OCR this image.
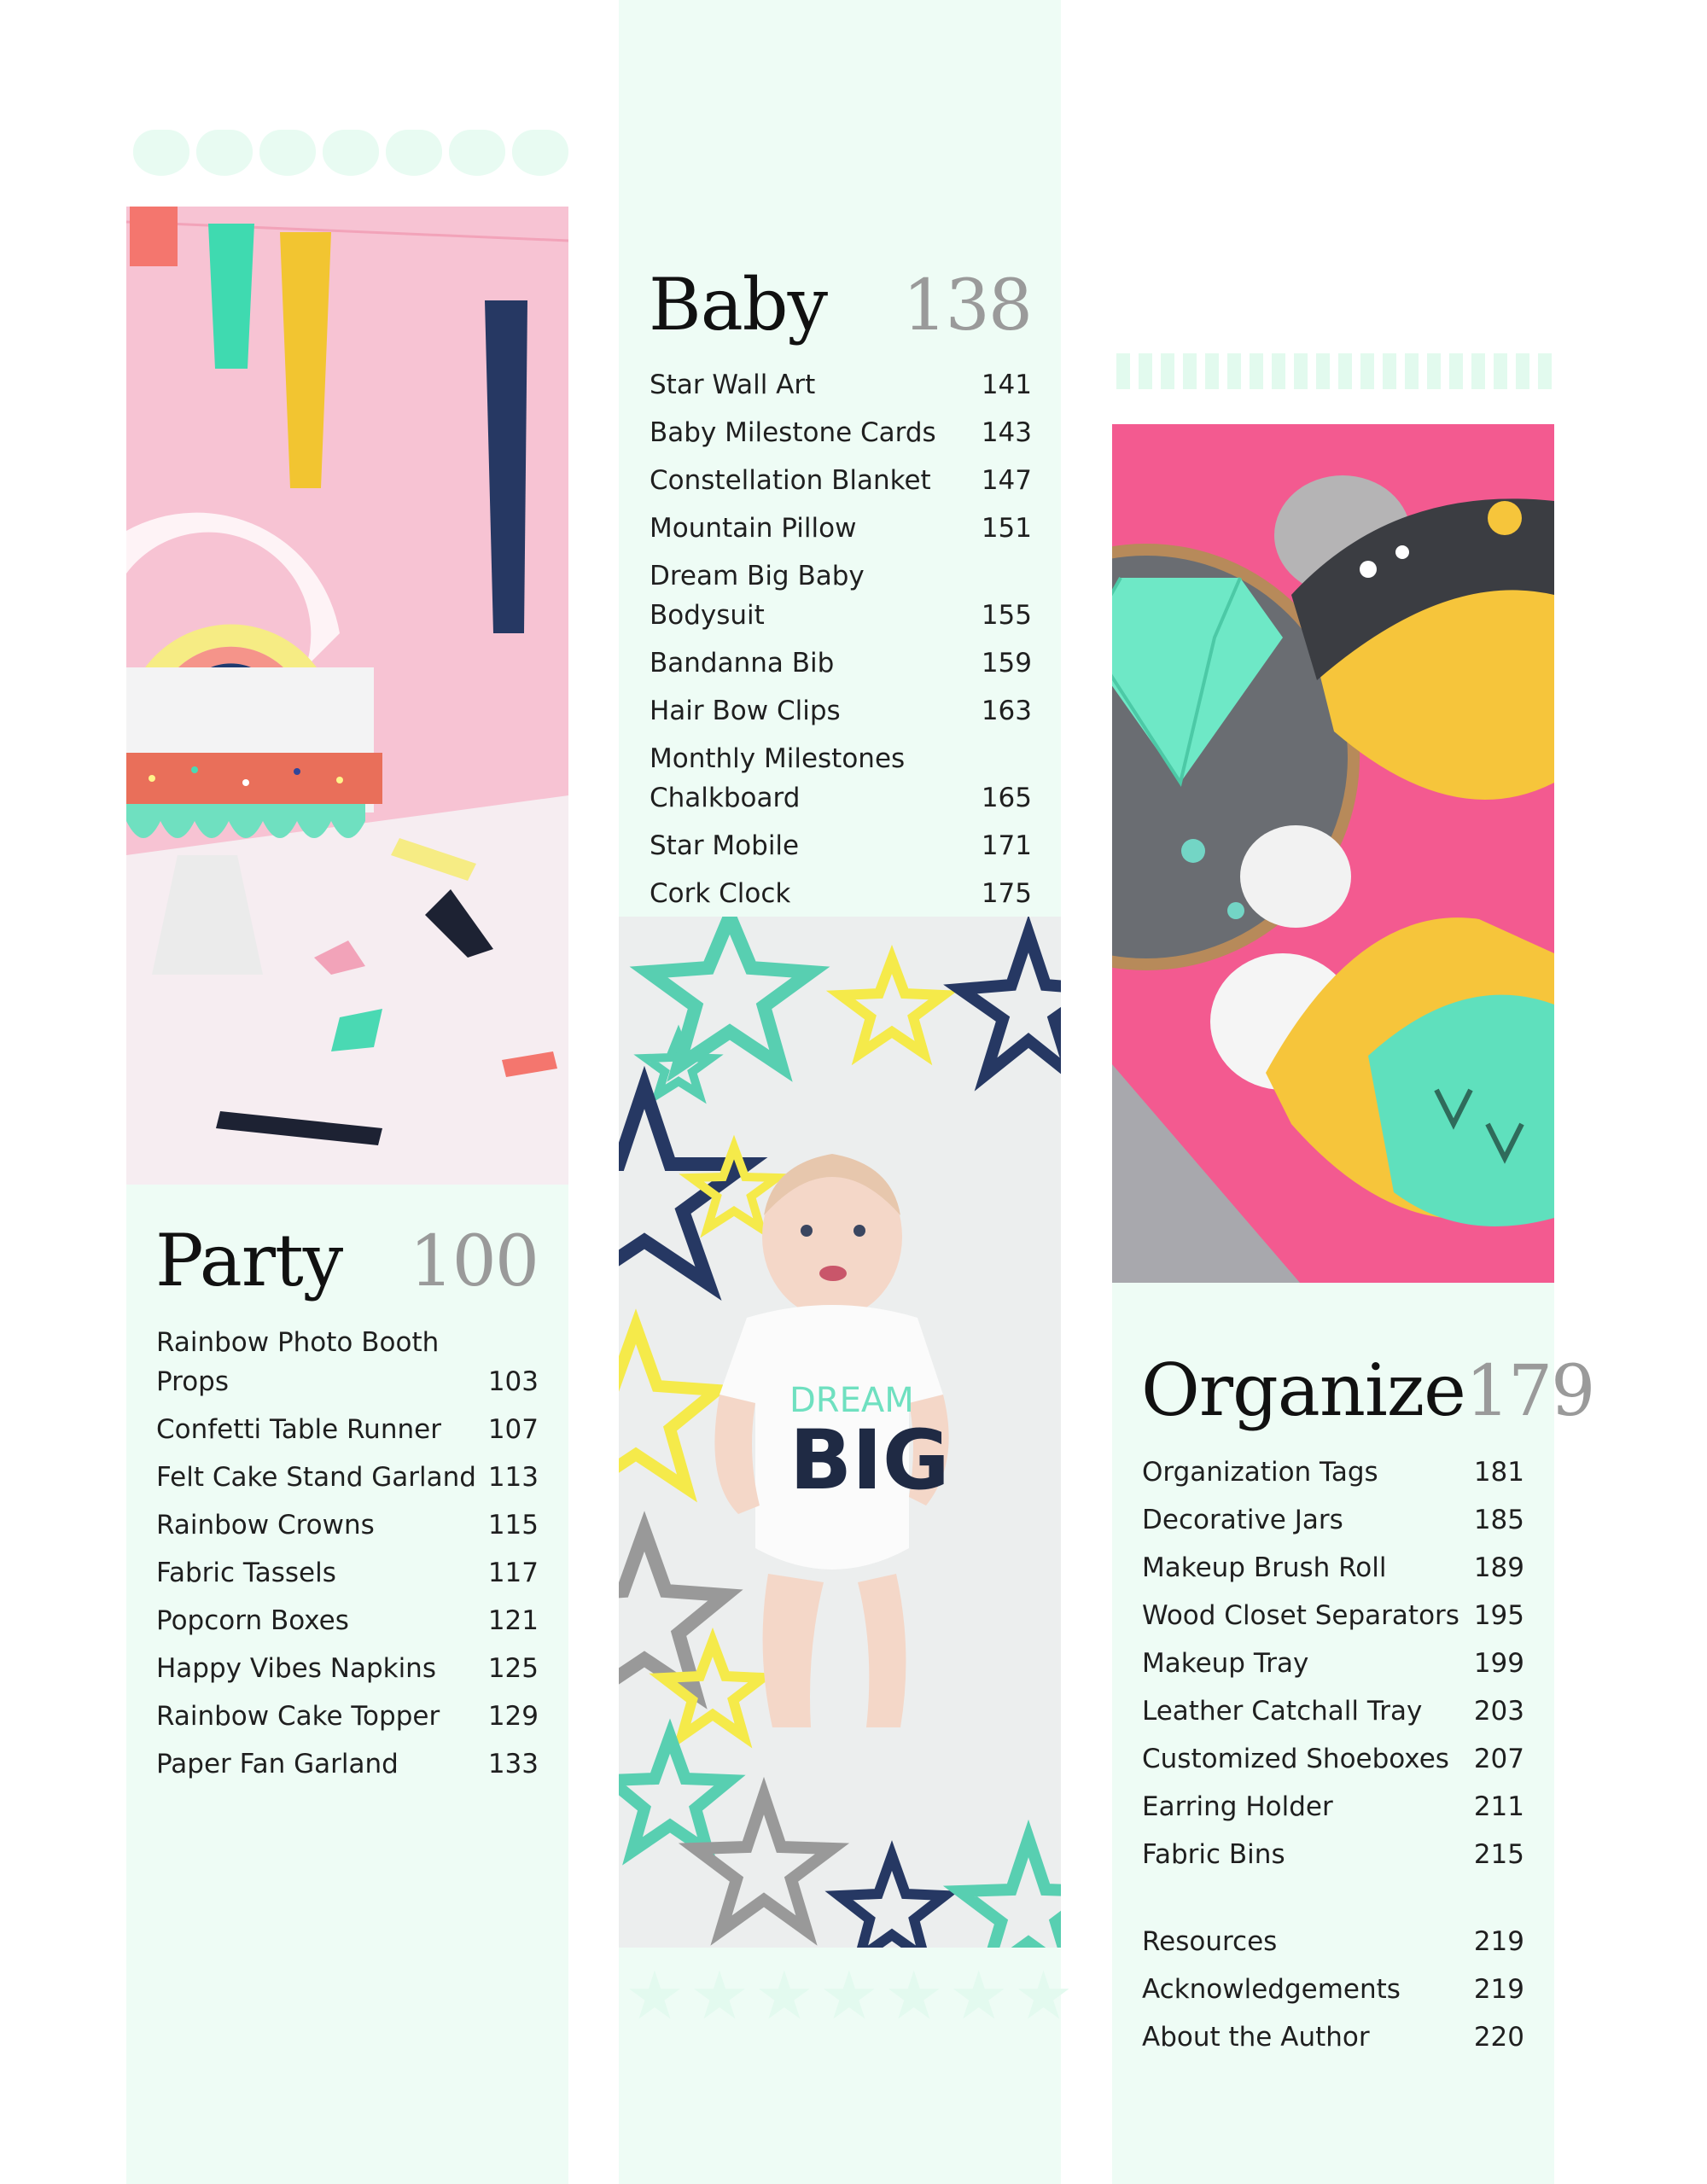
★ ★ ★ ★ ★ ★ ★
Party 100
Rainbow Photo Booth
Props	103
Confetti Table Runner 107
Felt Cake Stand Garland 113
Rainbow Crowns	115
Fabric Tassels	117
Popcorn Boxes	121
Happy Vibes Napkins 125
Rainbow Cake Topper 129
Paper Fan Garland	133
Baby 138
Star Wall Art	141
Baby Milestone Cards 143
Constellation Blanket 147
Mountain Pillow	151
Dream Big Baby Bodysuit	155
Bandanna Bib	159
Hair Bow Clips	163
Monthly Milestones
Chalkboard	165
Star Mobile	171
Cork Clock	175
DREAM
BIG
Organize 179
Organization Tags	181
Decorative Jars	185
Makeup Brush Roll	189
Wood Closet Separators 195
Makeup Tray	199
Leather Catchall Tray 203
Customized Shoeboxes 207
Earring Holder	211
Fabric Bins	215
Resources	219
Acknowledgements	219
About the Author	220
